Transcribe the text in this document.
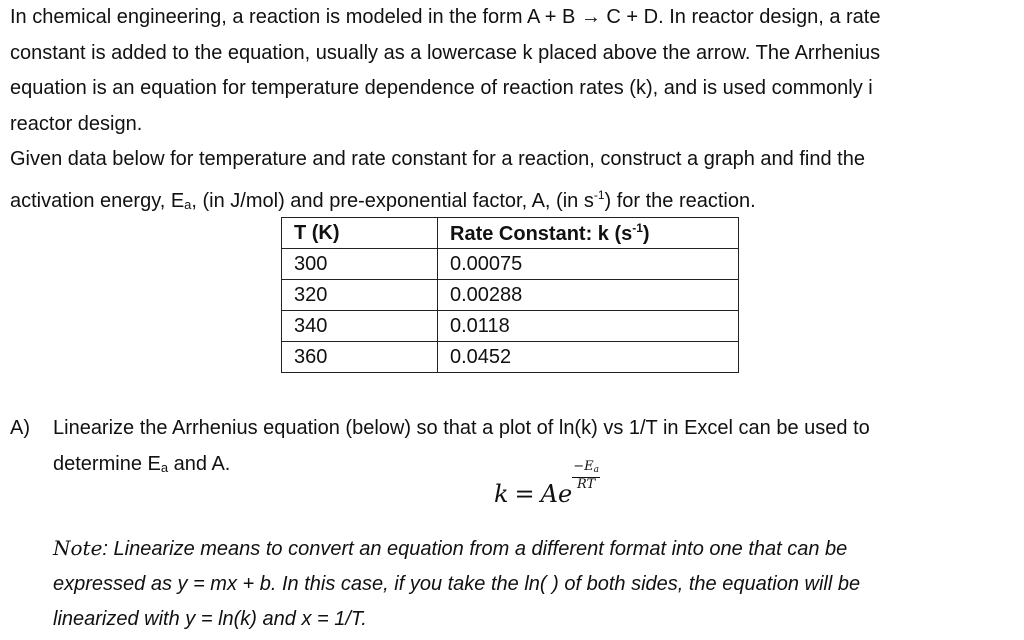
In chemical engineering, a reaction is modeled in the form A + B → C + D. In reactor design, a rate
constant is added to the equation, usually as a lowercase k placed above the arrow. The Arrhenius
equation is an equation for temperature dependence of reaction rates (k), and is used commonly i
reactor design.
Given data below for temperature and rate constant for a reaction, construct a graph and find the
activation energy, Ea, (in J/mol) and pre-exponential factor, A, (in $s^{-1}$) for the reaction.
T (K)	Rate Constant: k $(s^{-1})$
300	0.00075
320	0.00288
340	0.0118
360	0.0452
A) Linearize the Arrhenius equation (below) so that a plot of ln(k) vs 1/T in Excel can be used to
determine Ea and A.
k = Ae
$\frac{-Ea}{RT}$
Note: Linearize means to convert an equation from a different format into one that can be
expressed as y = mx + b. In this case, if you take the ln( ) of both sides, the equation will be
linearized with y = ln(k) and x = 1/T.
